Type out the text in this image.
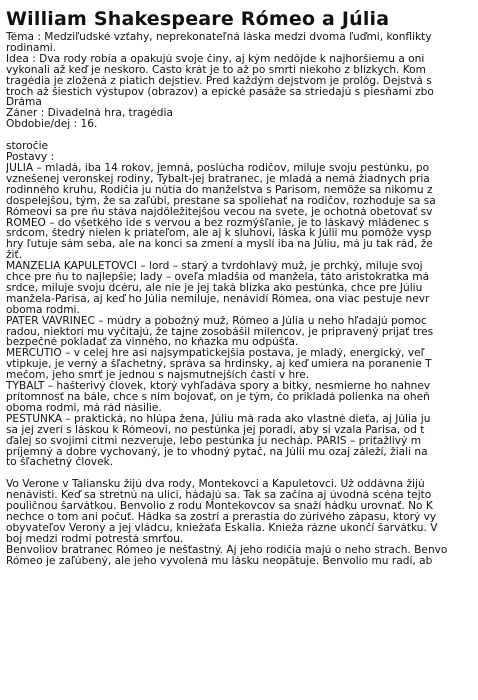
William Shakespeare Rómeo a Júlia
Téma : Medziľudské vzťahy, neprekonateľná láska medzi dvoma ľuďmi, konflikty
rodinami.
Idea : Dva rody robia a opakujú svoje činy, aj kým nedôjde k najhoršiemu a oni
vykonali až keď je neskoro. Často krát je to až po smrti niekoho z blízkych. Kom
tragédia je zložená z piatich dejstiev. Pred každým dejstvom je prológ. Dejstvá s
troch až šiestich výstupov (obrazov) a epické pasáže sa striedajú s piesňami zbo
Dráma
Žáner : Divadelná hra, tragédia
Obdobie/dej : 16.
storočie
Postavy :
JÚLIA – mladá, iba 14 rokov, jemná, poslúcha rodičov, miluje svoju pestúnku, po
vznešenej veronskej rodiny, Tybalt-jej bratranec, je mladá a nemá žiadnych pria
rodinného kruhu, Rodičia ju nútia do manželstva s Parisom, nemôže sa nikomu z
dospelejšou, tým, že sa zaľúbi, prestane sa spoliehať na rodičov, rozhoduje sa sa
Rómeovi sa pre ňu stáva najdôležitejšou vecou na svete, je ochotná obetovať sv
RÓMEO – do všetkého ide s vervou a bez rozmýšľanie, je to láskavý mládenec s
srdcom, štedrý nielen k priateľom, ale aj k sluhovi, láska k Júlii mu pomôže vysp
hry ľutuje sám seba, ale na konci sa zmení a myslí iba na Júliu, má ju tak rád, že
žiť.
MANŽELIA KAPULETOVCI – lord – starý a tvrdohlavý muž, je prchký, miluje svoj
chce pre ňu to najlepšie; lady – oveľa mladšia od manžela, táto aristokratka má
srdce, miluje svoju dcéru, ale nie je jej taká blízka ako pestúnka, chce pre Júliu
manžela-Parisa, aj keď ho Júlia nemiluje, nenávidí Rómea, ona viac pestuje nevr
oboma rodmi.
PÁTER VAVRINEC – múdry a pobožný muž, Rómeo a Júlia u neho hľadajú pomoc
radou, niektorí mu vyčítajú, že tajne zosobášil milencov, je pripravený prijať tres
bezpečné pokladať za vinného, no kňazka mu odpúšťa.
MERCUTIO – v celej hre asi najsympatickejšia postava, je mladý, energický, veľ
vtipkuje, je verný a šľachetný, správa sa hrdinsky, aj keď umiera na poranenie T
mečom, jeho smrť je jednou s najsmutnejších častí v hre.
TYBALT – hašterivý človek, ktorý vyhľadáva spory a bitky, nesmierne ho nahnev
prítomnosť na bále, chce s ním bojovať, on je tým, čo prikladá polienka na oheň
oboma rodmi, má rád násilie.
PESTÚNKA – praktická, no hlúpa žena, Júliu má rada ako vlastné dieťa, aj Júlia ju
sa jej zverí s láskou k Rómeovi, no pestúnka jej poradí, aby si vzala Parisa, od t
ďalej so svojimi citmi nezveruje, lebo pestúnka ju necháp. PARIS – priťažlivý m
príjemný a dobre vychovaný, je to vhodný pytač, na Júlii mu ozaj záleží, žiali na
to šľachetný človek.
Vo Verone v Taliansku žijú dva rody, Montekovci a Kapuletovci. Už oddávna žijú
nenávisti. Keď sa stretnú na ulici, hádajú sa. Tak sa začína aj úvodná scéna tejto
pouličnou šarvátkou. Benvolio z rodu Montekovcov sa snaží hádku urovnať. No K
nechce o tom ani počuť. Hádka sa zostrí a prerastia do zúrivého zápasu, ktorý vy
obyvateľov Verony a jej vládcu, kniežaťa Eskalia. Kniežа rázne ukončí šarvátku. V
boj medzi rodmi potrestá smrťou.
Benvoliov bratranec Rómeo je nešťastný. Aj jeho rodičia majú o neho strach. Benvo
Rómeo je zaľúbený, ale jeho vyvolená mu lásku neopätuje. Benvolio mu radí, ab
